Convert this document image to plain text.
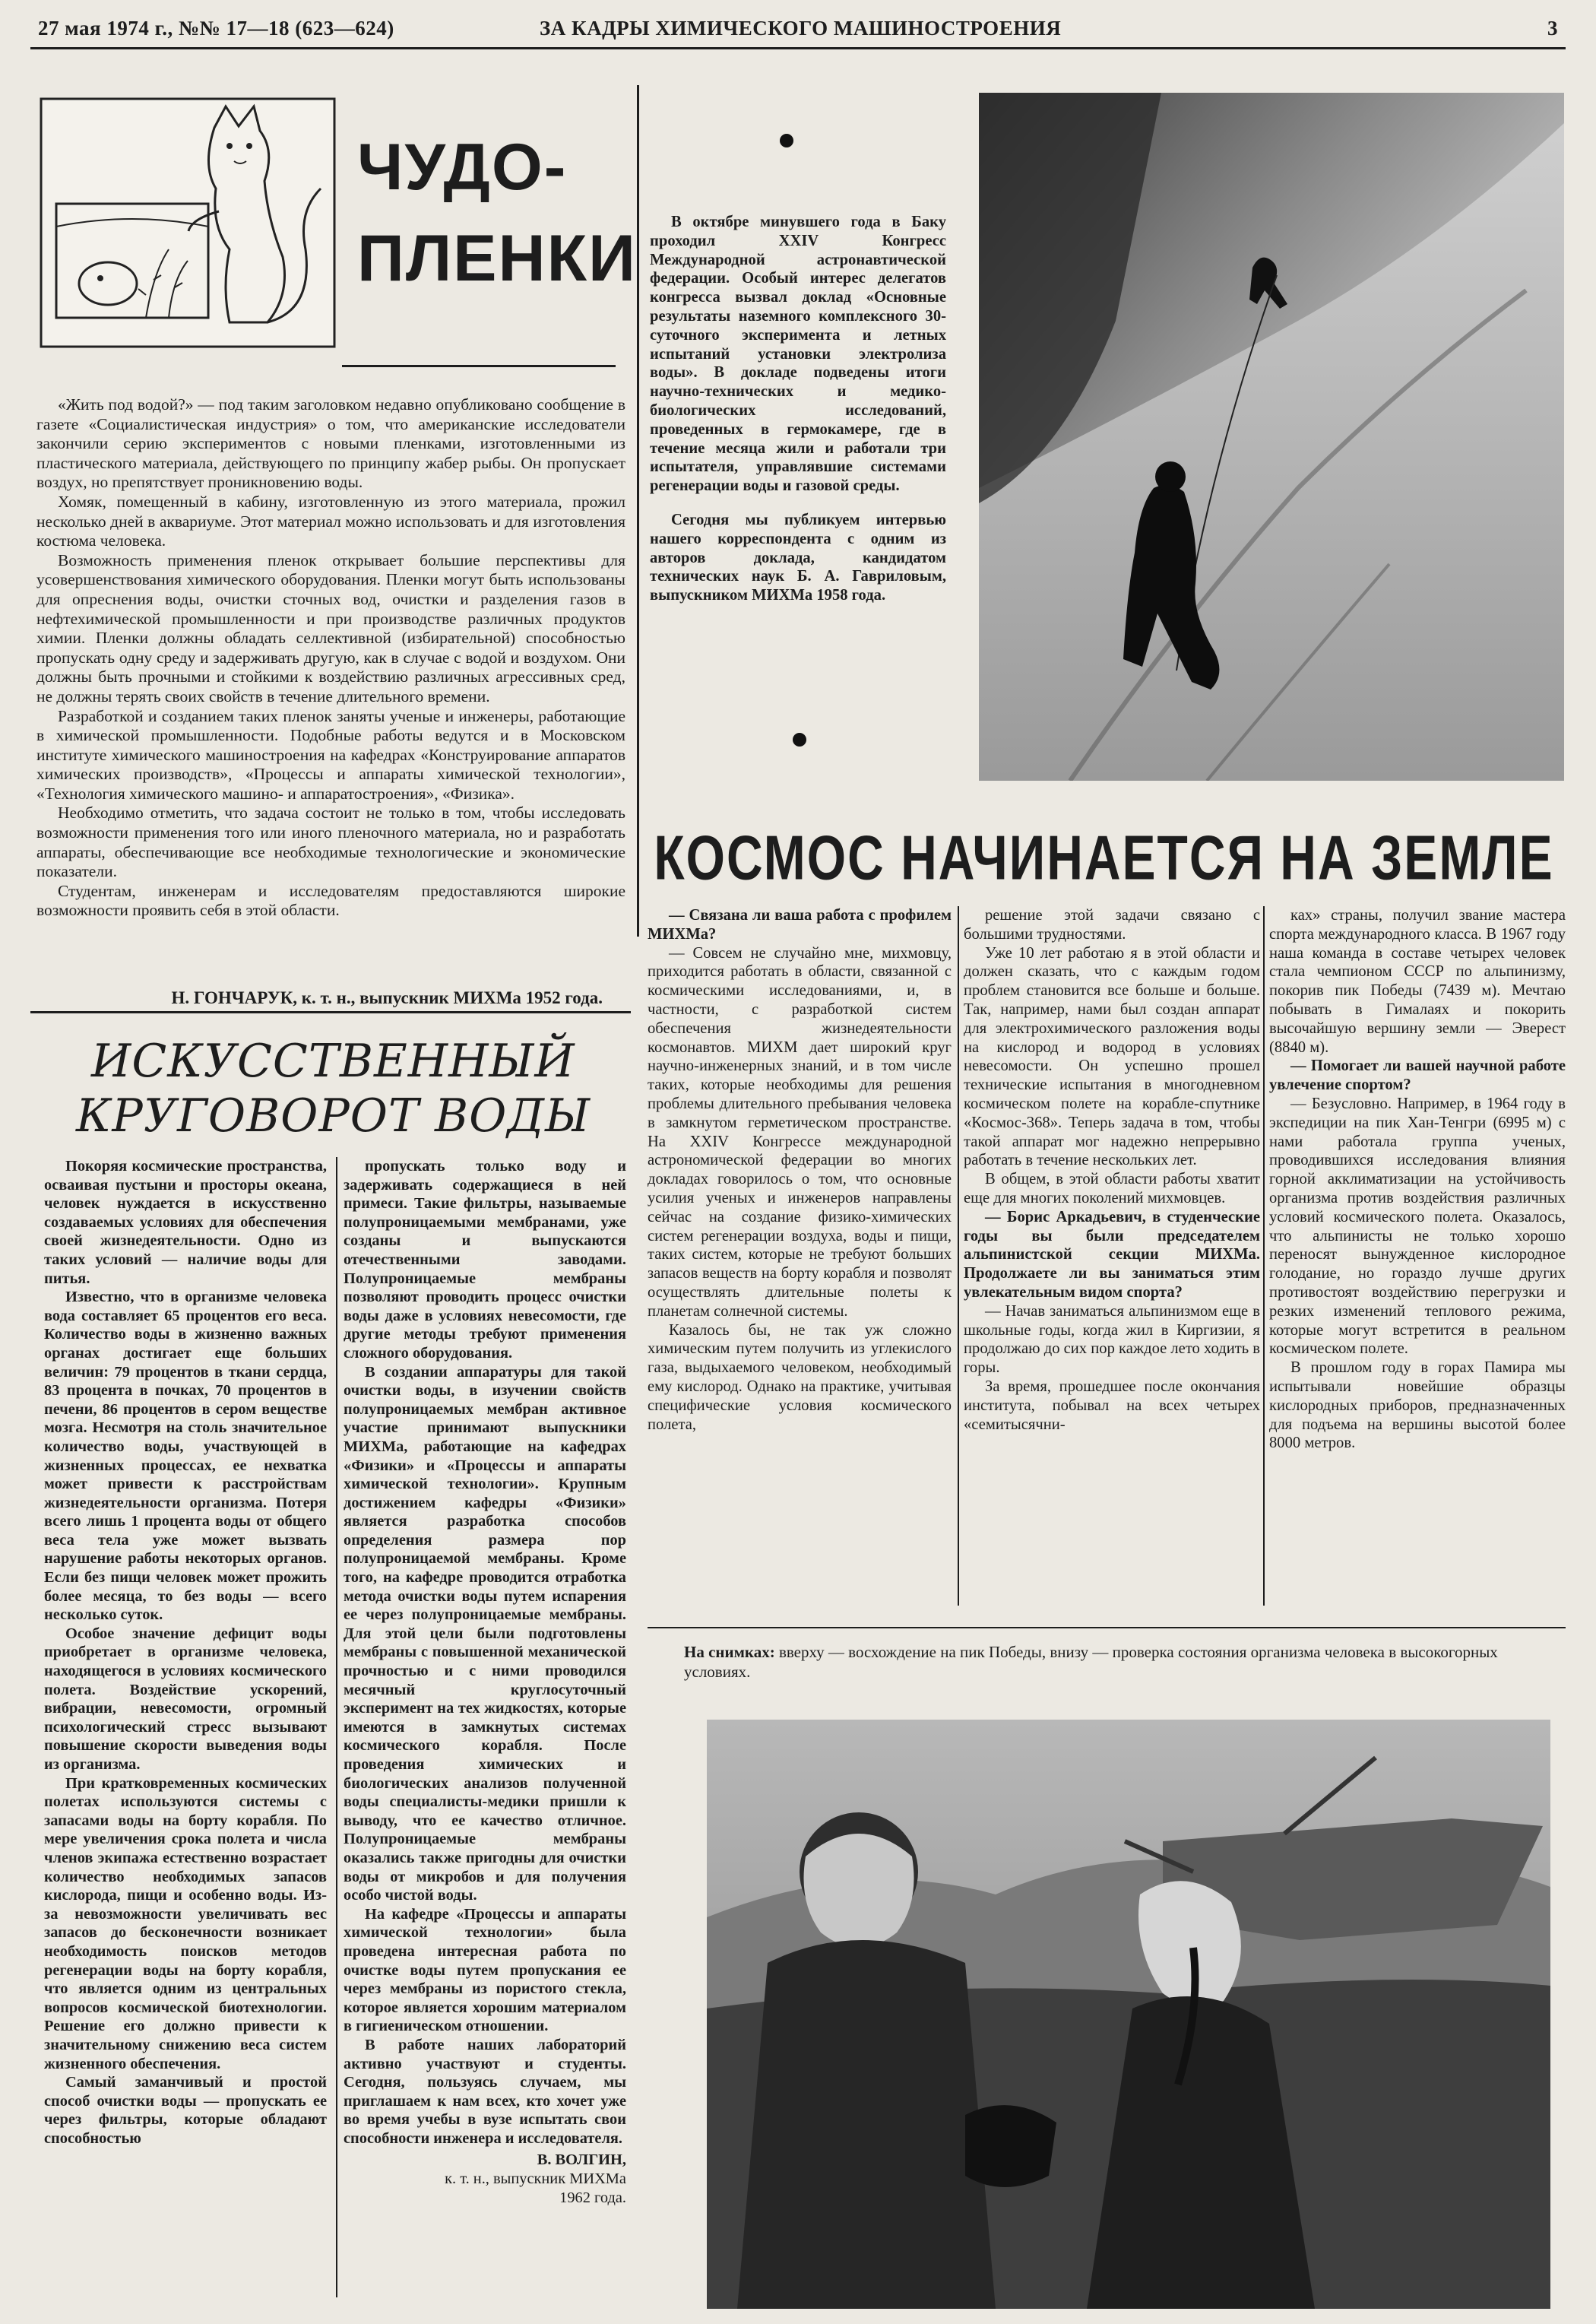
27 мая 1974 г., №№ 17—18 (623—624)	ЗА КАДРЫ ХИМИЧЕСКОГО МАШИНОСТРОЕНИЯ	3
ЧУДО-
ПЛЕНКИ

«Жить под водой?» — под таким заголовком недавно опубликовано сообщение в газете «Социалистическая индустрия» о том, что американские исследователи закончили серию экспериментов с новыми пленками, изготовленными из пластического материала, действующего по принципу жабер рыбы. Он пропускает воздух, но препятствует проникновению воды.

Хомяк, помещенный в кабину, изготовленную из этого материала, прожил несколько дней в аквариуме. Этот материал можно использовать и для изготовления костюма человека.

Возможность применения пленок открывает большие перспективы для усовершенствования химического оборудования. Пленки могут быть использованы для опреснения воды, очистки сточных вод, очистки и разделения газов в нефтехимической промышленности и при производстве различных продуктов химии. Пленки должны обладать селлективной (избирательной) способностью пропускать одну среду и задерживать другую, как в случае с водой и воздухом. Они должны быть прочными и стойкими к воздействию различных агрессивных сред, не должны терять своих свойств в течение длительного времени.

Разработкой и созданием таких пленок заняты ученые и инженеры, работающие в химической промышленности. Подобные работы ведутся и в Московском институте химического машиностроения на кафедрах «Конструирование аппаратов химических производств», «Процессы и аппараты химической технологии», «Технология химического машино- и аппаратостроения», «Физика».

Необходимо отметить, что задача состоит не только в том, чтобы исследовать возможности применения того или иного пленочного материала, но и разработать аппараты, обеспечивающие все необходимые технологические и экономические показатели.

Студентам, инженерам и исследователям предоставляются широкие возможности проявить себя в этой области.

Н. ГОНЧАРУК, к. т. н., выпускник МИХМа 1952 года.
ИСКУССТВЕННЫЙ
КРУГОВОРОТ ВОДЫ

Покоряя космические пространства, осваивая пустыни и просторы океана, человек нуждается в искусственно создаваемых условиях для обеспечения своей жизнедеятельности. Одно из таких условий — наличие воды для питья.

Известно, что в организме человека вода составляет 65 процентов его веса. Количество воды в жизненно важных органах достигает еще больших величин: 79 процентов в ткани сердца, 83 процента в почках, 70 процентов в печени, 86 процентов в сером веществе мозга. Несмотря на столь значительное количество воды, участвующей в жизненных процессах, ее нехватка может привести к расстройствам жизнедеятельности организма. Потеря всего лишь 1 процента воды от общего веса тела уже может вызвать нарушение работы некоторых органов. Если без пищи человек может прожить более месяца, то без воды — всего несколько суток.

Особое значение дефицит воды приобретает в организме человека, находящегося в условиях космического полета. Воздействие ускорений, вибрации, невесомости, огромный психологический стресс вызывают повышение скорости выведения воды из организма.

При кратковременных космических полетах используются системы с запасами воды на борту корабля. По мере увеличения срока полета и числа членов экипажа естественно возрастает количество необходимых запасов кислорода, пищи и особенно воды. Из-за невозможности увеличивать вес запасов до бесконечности возникает необходимость поисков методов регенерации воды на борту корабля, что является одним из центральных вопросов космической биотехнологии. Решение его должно привести к значительному снижению веса систем жизненного обеспечения.

Самый заманчивый и простой способ очистки воды — пропускать ее через фильтры, которые обладают способностью

пропускать только воду и задерживать содержащиеся в ней примеси. Такие фильтры, называемые полупроницаемыми мембранами, уже созданы и выпускаются отечественными заводами. Полупроницаемые мембраны позволяют проводить процесс очистки воды даже в условиях невесомости, где другие методы требуют применения сложного оборудования.

В создании аппаратуры для такой очистки воды, в изучении свойств полупроницаемых мембран активное участие принимают выпускники МИХМа, работающие на кафедрах «Физики» и «Процессы и аппараты химической технологии». Крупным достижением кафедры «Физики» является разработка способов определения размера пор полупроницаемой мембраны. Кроме того, на кафедре проводится отработка метода очистки воды путем испарения ее через полупроницаемые мембраны. Для этой цели были подготовлены мембраны с повышенной механической прочностью и с ними проводился месячный круглосуточный эксперимент на тех жидкостях, которые имеются в замкнутых системах космического корабля. После проведения химических и биологических анализов полученной воды специалисты-медики пришли к выводу, что ее качество отличное. Полупроницаемые мембраны оказались также пригодны для очистки воды от микробов и для получения особо чистой воды.

На кафедре «Процессы и аппараты химической технологии» была проведена интересная работа по очистке воды путем пропускания ее через мембраны из пористого стекла, которое является хорошим материалом в гигиеническом отношении.

В работе наших лабораторий активно участвуют и студенты. Сегодня, пользуясь случаем, мы приглашаем к нам всех, кто хочет уже во время учебы в вузе испытать свои способности инженера и исследователя.

В. ВОЛГИН,
к. т. н., выпускник МИХМа
1962 года.

В октябре минувшего года в Баку проходил XXIV Конгресс Международной астронавтической федерации. Особый интерес делегатов конгресса вызвал доклад «Основные результаты наземного комплексного 30-суточного эксперимента и летных испытаний установки электролиза воды». В докладе подведены итоги научно-технических и медико-биологических исследований, проведенных в гермокамере, где в течение месяца жили и работали три испытателя, управлявшие системами регенерации воды и газовой среды.

Сегодня мы публикуем интервью нашего корреспондента с одним из авторов доклада, кандидатом технических наук Б. А. Гавриловым, выпускником МИХМа 1958 года.

КОСМОС НАЧИНАЕТСЯ НА ЗЕМЛЕ

— Связана ли ваша работа с профилем МИХМа?

— Совсем не случайно мне, михмовцу, приходится работать в области, связанной с космическими исследованиями, и, в частности, с разработкой систем обеспечения жизнедеятельности космонавтов. МИХМ дает широкий круг научно-инженерных знаний, и в том числе таких, которые необходимы для решения проблемы длительного пребывания человека в замкнутом герметическом пространстве. На XXIV Конгрессе международной астрономической федерации во многих докладах говорилось о том, что основные усилия ученых и инженеров направлены сейчас на создание физико-химических систем регенерации воздуха, воды и пищи, таких систем, которые не требуют больших запасов веществ на борту корабля и позволят осуществлять длительные полеты к планетам солнечной системы.

Казалось бы, не так уж сложно химическим путем получить из углекислого газа, выдыхаемого человеком, необходимый ему кислород. Однако на практике, учитывая специфические условия космического полета,

решение этой задачи связано с большими трудностями.

Уже 10 лет работаю я в этой области и должен сказать, что с каждым годом проблем становится все больше и больше. Так, например, нами был создан аппарат для электрохимического разложения воды на кислород и водород в условиях невесомости. Он успешно прошел технические испытания в многодневном космическом полете на корабле-спутнике «Космос-368». Теперь задача в том, чтобы такой аппарат мог надежно непрерывно работать в течение нескольких лет.

В общем, в этой области работы хватит еще для многих поколений михмовцев.

— Борис Аркадьевич, в студенческие годы вы были председателем альпинистской секции МИХМа. Продолжаете ли вы заниматься этим увлекательным видом спорта?

— Начав заниматься альпинизмом еще в школьные годы, когда жил в Киргизии, я продолжаю до сих пор каждое лето ходить в горы.

За время, прошедшее после окончания института, побывал на всех четырех «семитысячни-

ках» страны, получил звание мастера спорта международного класса. В 1967 году наша команда в составе четырех человек стала чемпионом СССР по альпинизму, покорив пик Победы (7439 м). Мечтаю побывать в Гималаях и покорить высочайшую вершину земли — Эверест (8840 м).

— Помогает ли вашей научной работе увлечение спортом?

— Безусловно. Например, в 1964 году в экспедиции на пик Хан-Тенгри (6995 м) с нами работала группа ученых, проводившихся исследования влияния горной акклиматизации на устойчивость организма против воздействия различных условий космического полета. Оказалось, что альпинисты не только хорошо переносят вынужденное кислородное голодание, но гораздо лучше других противостоят воздействию перегрузки и резких изменений теплового режима, которые могут встретится в реальном космическом полете.

В прошлом году в горах Памира мы испытывали новейшие образцы кислородных приборов, предназначенных для подъема на вершины высотой более 8000 метров.

На снимках: вверху — восхождение на пик Победы, внизу — проверка состояния организма человека в высокогорных условиях.
